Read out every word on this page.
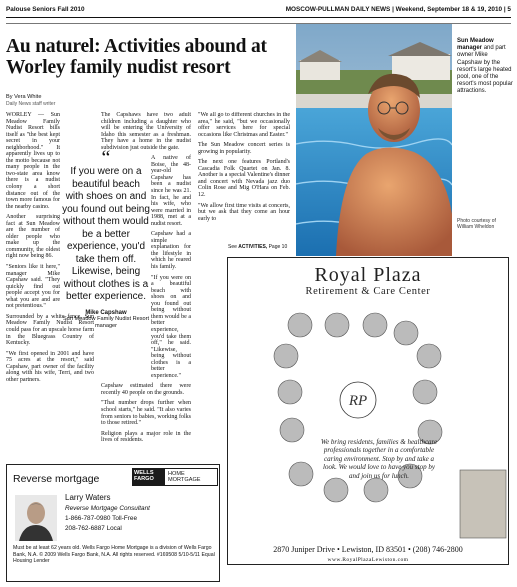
Palouse Seniors Fall 2010	MOSCOW-PULLMAN DAILY NEWS | Weekend, September 18 & 19, 2010 | 5
Au naturel: Activities abound at Worley family nudist resort
By Vera White
Daily News staff writer

WORLEY — Sun Meadow Family Nudist Resort bills itself as "the best kept secret in your neighborhood." It apparently lives up to the motto because not many people in the two-state area know there is a nudist colony a short distance out of the town more famous for the nearby casino.

Another surprising fact at Sun Meadow are the number of older people who make up the community, the oldest right now being 86.

"Seniors like it here," manager Mike Capshaw said. "They quickly find out people accept you for what you are and are not pretentious."

Surrounded by a white fence, Sun Meadow Family Nudist Resort could pass for an upscale horse farm in the Bluegrass Country of Kentucky.

"We first opened in 2001 and have 75 acres at the resort," said Capshaw, part owner of the facility along with his wife, Terri, and two other partners.

“
If you were on a beautiful beach with shoes on and you found out being without them would be a better experience, you'd take them off. Likewise, being without clothes is a better experience.
Mike Capshaw
Sun Meadow Family Nudist Resort manager

The Capshaws have two adult children including a daughter who will be entering the University of Idaho this semester as a freshman. They have a home in the nudist subdivision just outside the gate.

A native of Boise, the 48-year-old Capshaw has been a nudist since he was 21. In fact, he and his wife, who were married in 1988, met at a nudist resort.

Capshaw had a simple explanation for the lifestyle in which he reared his family.

"If you were on a beautiful beach with shoes on and you found out being without them would be a better experience, you'd take them off," he said. "Likewise, being without clothes is a better experience."

Capshaw estimated there were recently 40 people on the grounds.

"That number drops further when school starts," he said. "It also varies from seniors to babies, working folks to those retired."

Religion plays a major role in the lives of residents.

"We all go to different churches in the area," he said, "but we occasionally offer services here for special occasions like Christmas and Easter."

The Sun Meadow concert series is growing in popularity.

The next one features Portland's Cascadia Folk Quartet on Jan. 8. Another is a special Valentine's dinner and concert with Nevada jazz duo Colin Rose and Mig O'Hara on Feb. 12.

"We allow first time visits at concerts, but we ask that they come an hour early to

See ACTIVITIES, Page 10
Sun Meadow manager and part owner Mike Capshaw by the resort's large heated pool, one of the resort's most popular attractions.
Photo courtesy of William Wheldon
Royal Plaza
Retirement & Care Center
RP
We bring residents, families & healthcare professionals together in a comfortable caring environment. Stop by and take a look. We would love to have you stop by and join us for lunch.
2870 Juniper Drive • Lewiston, ID 83501 • (208) 746-2800
www.RoyalPlazaLewiston.com
Reverse mortgage	WELLS
FARGO
HOME
MORTGAGE
Larry Waters
Reverse Mortgage Consultant
1-866-787-0980 Toll-Free
208-762-6887 Local
Must be at least 62 years old. Wells Fargo Home Mortgage is a division of Wells Fargo Bank, N.A. © 2009 Wells Fargo Bank, N.A. All rights reserved. #169508 5/10-5/11 Equal Housing Lender
